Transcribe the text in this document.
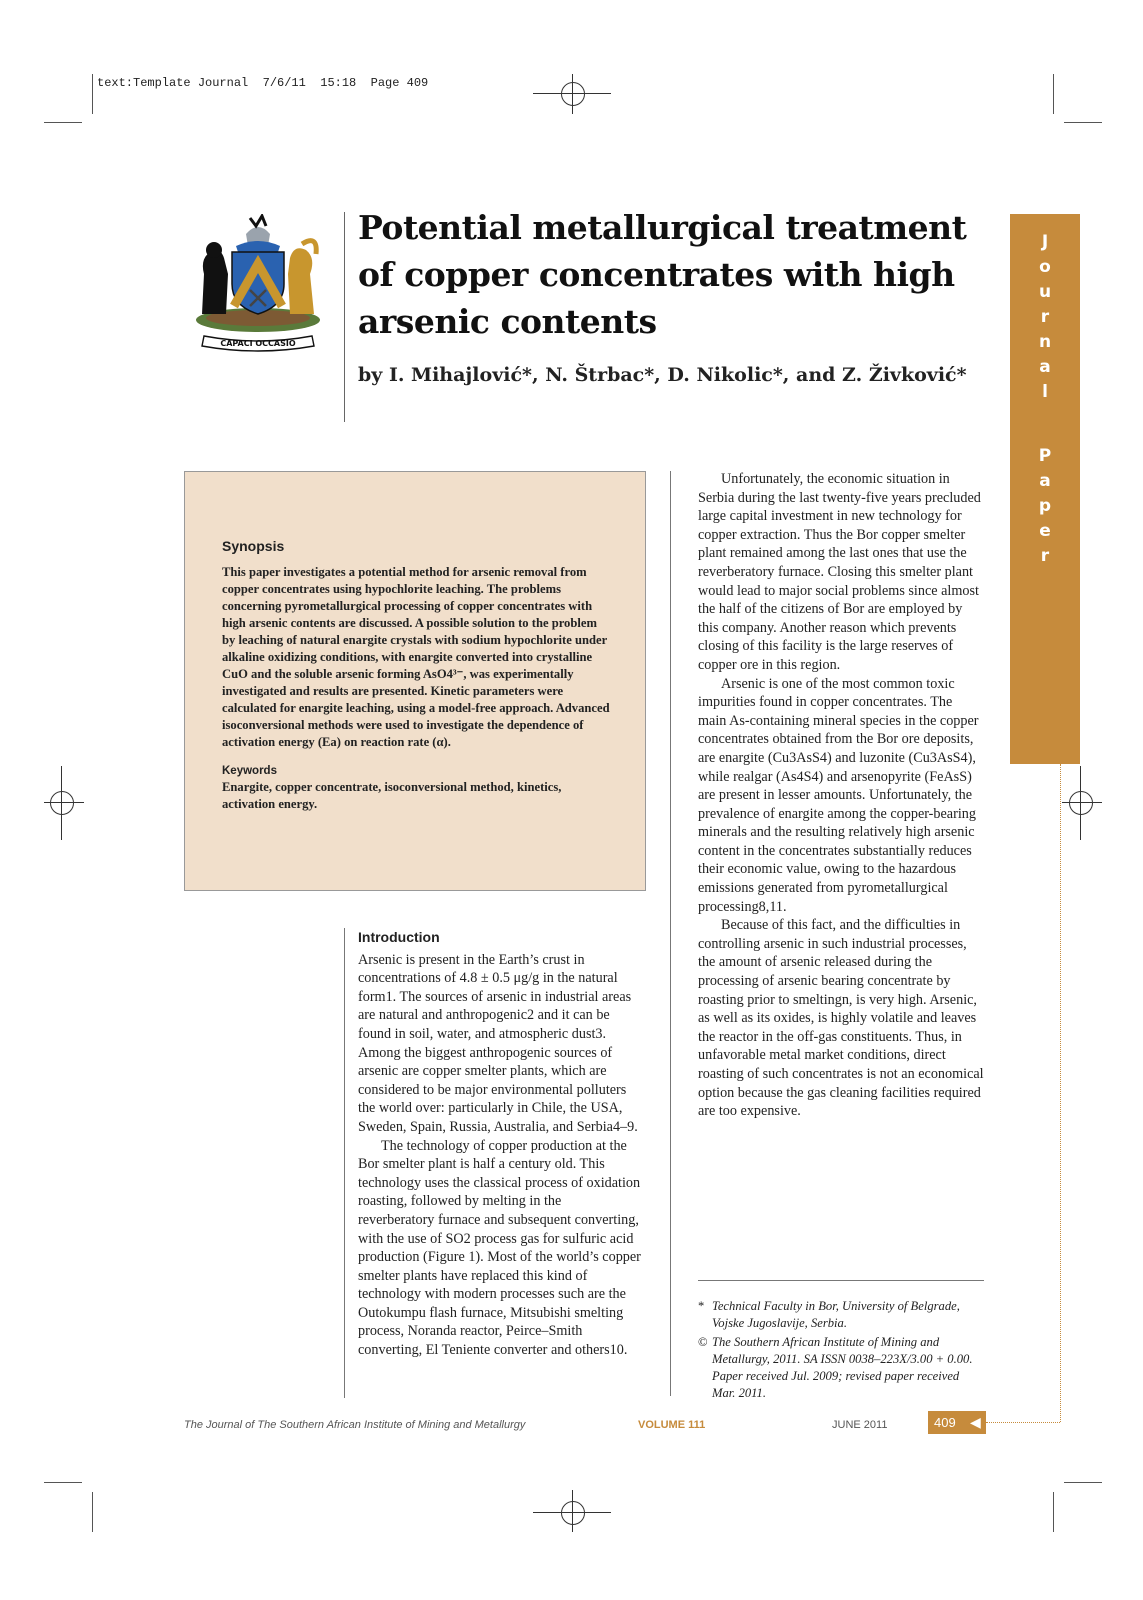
text:Template Journal  7/6/11  15:18  Page 409
CAPACI OCCASIO
Potential metallurgical treatment of copper concentrates with high arsenic contents
by I. Mihajlović*, N. Štrbac*, D. Nikolic*, and Z. Živković*
J
o
u
r
n
a
l
P
a
p
e
r
Synopsis
This paper investigates a potential method for arsenic removal from copper concentrates using hypochlorite leaching. The problems concerning pyrometallurgical processing of copper concentrates with high arsenic contents are discussed. A possible solution to the problem by leaching of natural enargite crystals with sodium hypochlorite under alkaline oxidizing conditions, with enargite converted into crystalline CuO and the soluble arsenic forming AsO4³⁻, was experimentally investigated and results are presented. Kinetic parameters were calculated for enargite leaching, using a model-free approach. Advanced isoconversional methods were used to investigate the dependence of activation energy (Ea) on reaction rate (α).
Keywords
Enargite, copper concentrate, isoconversional method, kinetics, activation energy.
Introduction

Arsenic is present in the Earth’s crust in concentrations of 4.8 ± 0.5 μg/g in the natural form1. The sources of arsenic in industrial areas are natural and anthropogenic2 and it can be found in soil, water, and atmospheric dust3. Among the biggest anthropogenic sources of arsenic are copper smelter plants, which are considered to be major environmental polluters the world over: particularly in Chile, the USA, Sweden, Spain, Russia, Australia, and Serbia4–9.

The technology of copper production at the Bor smelter plant is half a century old. This technology uses the classical process of oxidation roasting, followed by melting in the reverberatory furnace and subsequent converting, with the use of SO2 process gas for sulfuric acid production (Figure 1). Most of the world’s copper smelter plants have replaced this kind of technology with modern processes such are the Outokumpu flash furnace, Mitsubishi smelting process, Noranda reactor, Peirce–Smith converting, El Teniente converter and others10.

Unfortunately, the economic situation in Serbia during the last twenty-five years precluded large capital investment in new technology for copper extraction. Thus the Bor copper smelter plant remained among the last ones that use the reverberatory furnace. Closing this smelter plant would lead to major social problems since almost the half of the citizens of Bor are employed by this company. Another reason which prevents closing of this facility is the large reserves of copper ore in this region.

Arsenic is one of the most common toxic impurities found in copper concentrates. The main As-containing mineral species in the copper concentrates obtained from the Bor ore deposits, are enargite (Cu3AsS4) and luzonite (Cu3AsS4), while realgar (As4S4) and arsenopyrite (FeAsS) are present in lesser amounts. Unfortunately, the prevalence of enargite among the copper-bearing minerals and the resulting relatively high arsenic content in the concentrates substantially reduces their economic value, owing to the hazardous emissions generated from pyrometallurgical processing8,11.

Because of this fact, and the difficulties in controlling arsenic in such industrial processes, the amount of arsenic released during the processing of arsenic bearing concentrate by roasting prior to smeltingn, is very high. Arsenic, as well as its oxides, is highly volatile and leaves the reactor in the off-gas constituents. Thus, in unfavorable metal market conditions, direct roasting of such concentrates is not an economical option because the gas cleaning facilities required are too expensive.

* Technical Faculty in Bor, University of Belgrade, Vojske Jugoslavije, Serbia.
© The Southern African Institute of Mining and Metallurgy, 2011. SA ISSN 0038–223X/3.00 + 0.00. Paper received Jul. 2009; revised paper received Mar. 2011.
The Journal of The Southern African Institute of Mining and Metallurgy	VOLUME 111	JUNE 2011	409 ◀
